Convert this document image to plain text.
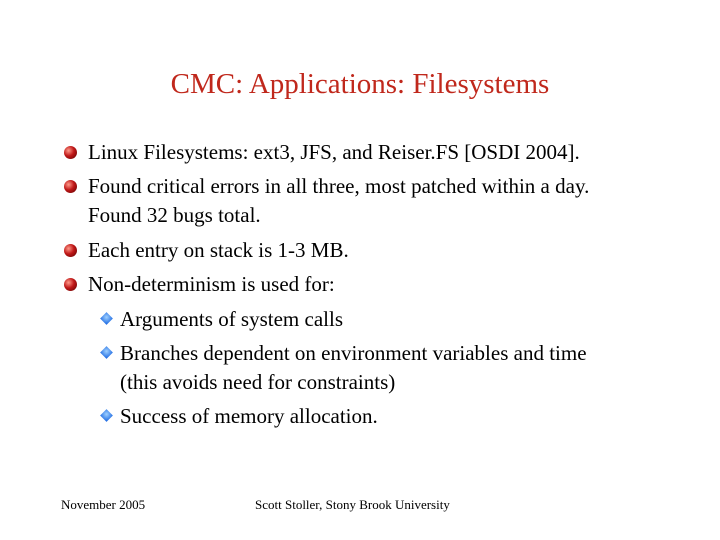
CMC: Applications: Filesystems
Linux Filesystems: ext3, JFS, and Reiser.FS [OSDI 2004].
Found critical errors in all three, most patched within a day.
Found 32 bugs total.
Each entry on stack is 1-3 MB.
Non-determinism is used for:
Arguments of system calls
Branches dependent on environment variables and time
(this avoids need for constraints)
Success of memory allocation.
November 2005	Scott Stoller, Stony Brook University
